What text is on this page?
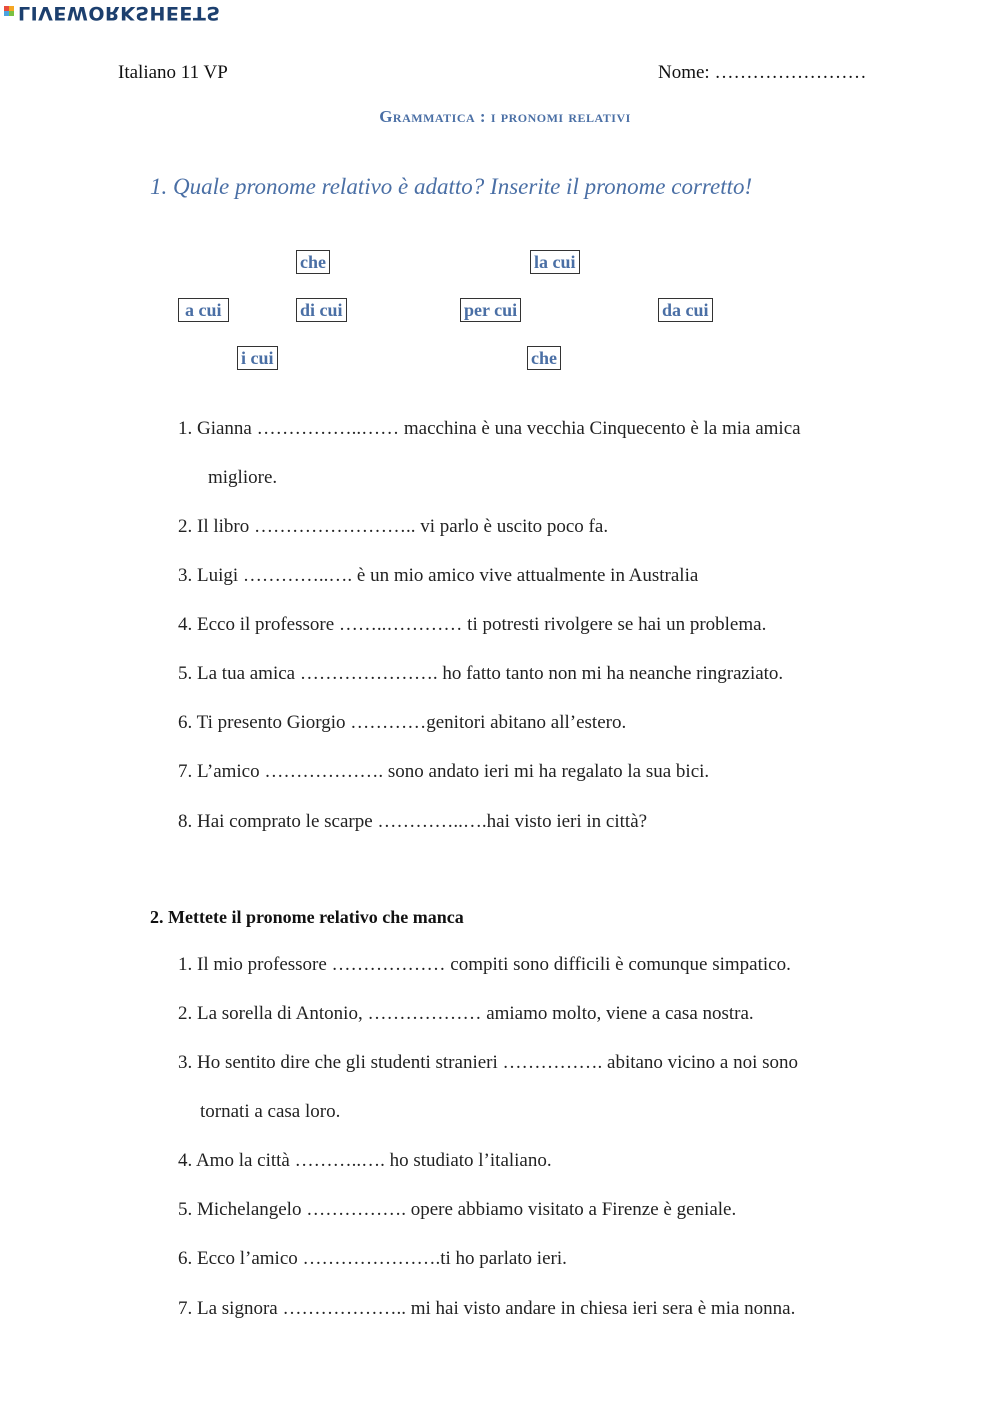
LIVEWORKSHEETS
Italiano 11 VP	Nome: ……………………
Grammatica : i pronomi relativi
1. Quale pronome relativo è adatto? Inserite il pronome corretto!
che	la cui
a cui	di cui	per cui	da cui
i cui	che
1. Gianna ……………..…… macchina è una vecchia Cinquecento è la mia amica
migliore.
2. Il libro …………………….. vi parlo è uscito poco fa.
3. Luigi …………..…. è un mio amico vive attualmente in Australia
4. Ecco il professore ……..………… ti potresti rivolgere se hai un problema.
5. La tua amica …………………. ho fatto tanto non mi ha neanche ringraziato.
6. Ti presento Giorgio …………genitori abitano all’estero.
7. L’amico ………………. sono andato ieri mi ha regalato la sua bici.
8. Hai comprato le scarpe …………..….hai visto ieri in città?
2. Mettete il pronome relativo che manca
1. Il mio professore ……………… compiti sono difficili è comunque simpatico.
2. La sorella di Antonio, ……………… amiamo molto, viene a casa nostra.
3. Ho sentito dire che gli studenti stranieri ……………. abitano vicino a noi sono
tornati a casa loro.
4. Amo la città ………..…. ho studiato l’italiano.
5. Michelangelo ……………. opere abbiamo visitato a Firenze è geniale.
6. Ecco l’amico ………………….ti ho parlato ieri.
7. La signora ……………….. mi hai visto andare in chiesa ieri sera è mia nonna.
